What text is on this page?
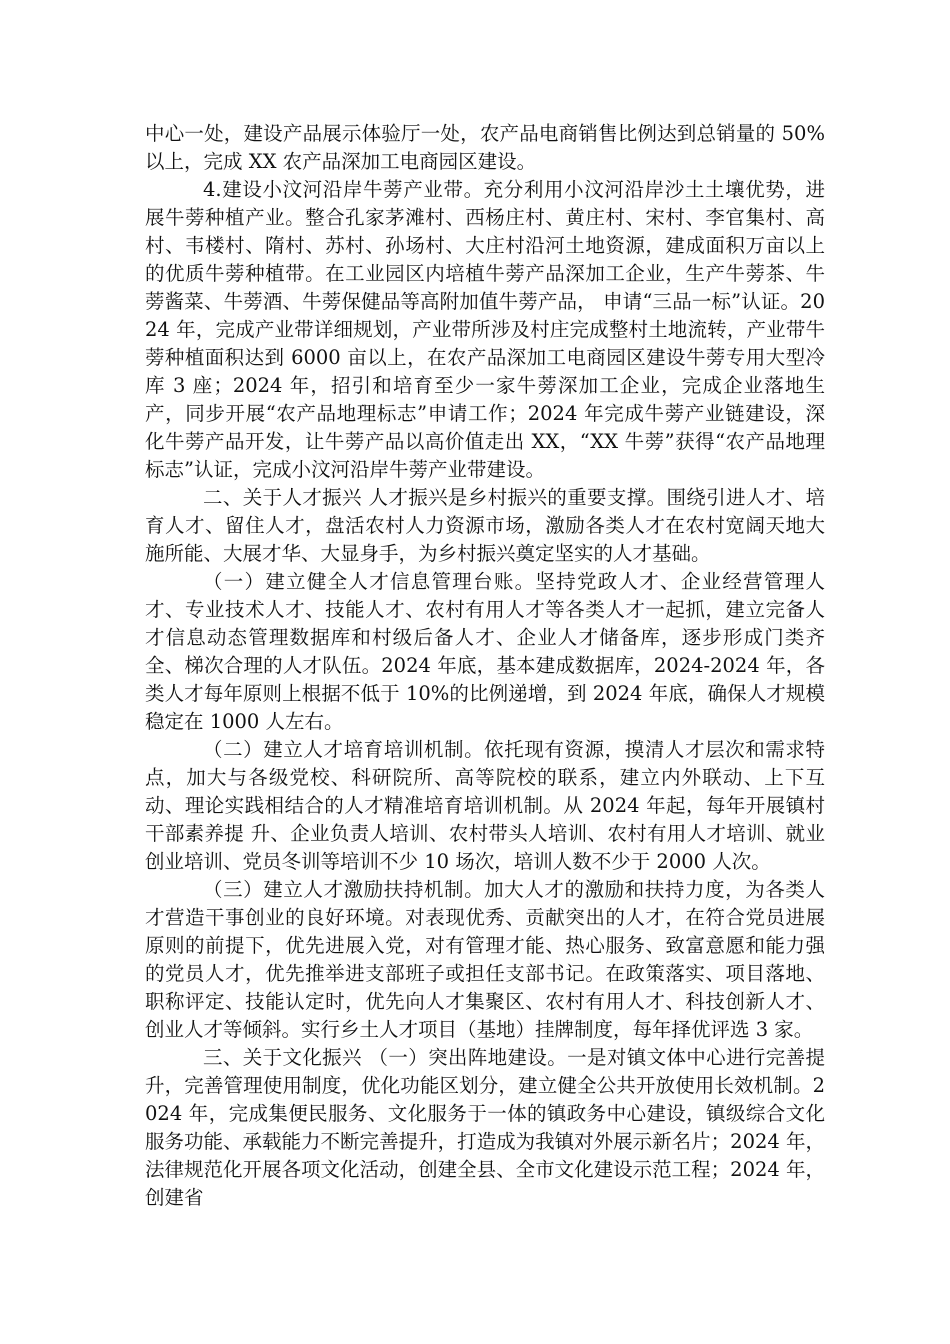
中心一处，建设产品展示体验厅一处，农产品电商销售比例达到总销量的 50%以上，完成 XX 农产品深加工电商园区建设。

4.建设小汶河沿岸牛蒡产业带。充分利用小汶河沿岸沙土土壤优势，进展牛蒡种植产业。整合孔家茅滩村、西杨庄村、黄庄村、宋村、李官集村、高村、韦楼村、隋村、苏村、孙场村、大庄村沿河土地资源，建成面积万亩以上的优质牛蒡种植带。在工业园区内培植牛蒡产品深加工企业，生产牛蒡茶、牛蒡酱菜、牛蒡酒、牛蒡保健品等高附加值牛蒡产品， 申请“三品一标”认证。2024 年，完成产业带详细规划，产业带所涉及村庄完成整村土地流转，产业带牛蒡种植面积达到 6000 亩以上，在农产品深加工电商园区建设牛蒡专用大型冷库 3 座；2024 年，招引和培育至少一家牛蒡深加工企业，完成企业落地生产，同步开展“农产品地理标志”申请工作；2024 年完成牛蒡产业链建设，深化牛蒡产品开发，让牛蒡产品以高价值走出 XX，“XX 牛蒡”获得“农产品地理标志”认证，完成小汶河沿岸牛蒡产业带建设。

二、关于人才振兴 人才振兴是乡村振兴的重要支撑。围绕引进人才、培育人才、留住人才，盘活农村人力资源市场，激励各类人才在农村宽阔天地大施所能、大展才华、大显身手，为乡村振兴奠定坚实的人才基础。

（一）建立健全人才信息管理台账。坚持党政人才、企业经营管理人才、专业技术人才、技能人才、农村有用人才等各类人才一起抓，建立完备人才信息动态管理数据库和村级后备人才、企业人才储备库，逐步形成门类齐全、梯次合理的人才队伍。2024 年底，基本建成数据库，2024-2024 年，各类人才每年原则上根据不低于 10%的比例递增，到 2024 年底，确保人才规模稳定在 1000 人左右。

（二）建立人才培育培训机制。依托现有资源，摸清人才层次和需求特点，加大与各级党校、科研院所、高等院校的联系，建立内外联动、上下互动、理论实践相结合的人才精准培育培训机制。从 2024 年起，每年开展镇村干部素养提 升、企业负责人培训、农村带头人培训、农村有用人才培训、就业创业培训、党员冬训等培训不少 10 场次，培训人数不少于 2000 人次。

（三）建立人才激励扶持机制。加大人才的激励和扶持力度，为各类人才营造干事创业的良好环境。对表现优秀、贡献突出的人才，在符合党员进展原则的前提下，优先进展入党，对有管理才能、热心服务、致富意愿和能力强的党员人才，优先推举进支部班子或担任支部书记。在政策落实、项目落地、职称评定、技能认定时，优先向人才集聚区、农村有用人才、科技创新人才、创业人才等倾斜。实行乡土人才项目（基地）挂牌制度，每年择优评选 3 家。

三、关于文化振兴 （一）突出阵地建设。一是对镇文体中心进行完善提升，完善管理使用制度，优化功能区划分，建立健全公共开放使用长效机制。2024 年，完成集便民服务、文化服务于一体的镇政务中心建设，镇级综合文化服务功能、承载能力不断完善提升，打造成为我镇对外展示新名片；2024 年，法律规范化开展各项文化活动，创建全县、全市文化建设示范工程；2024 年，创建省
